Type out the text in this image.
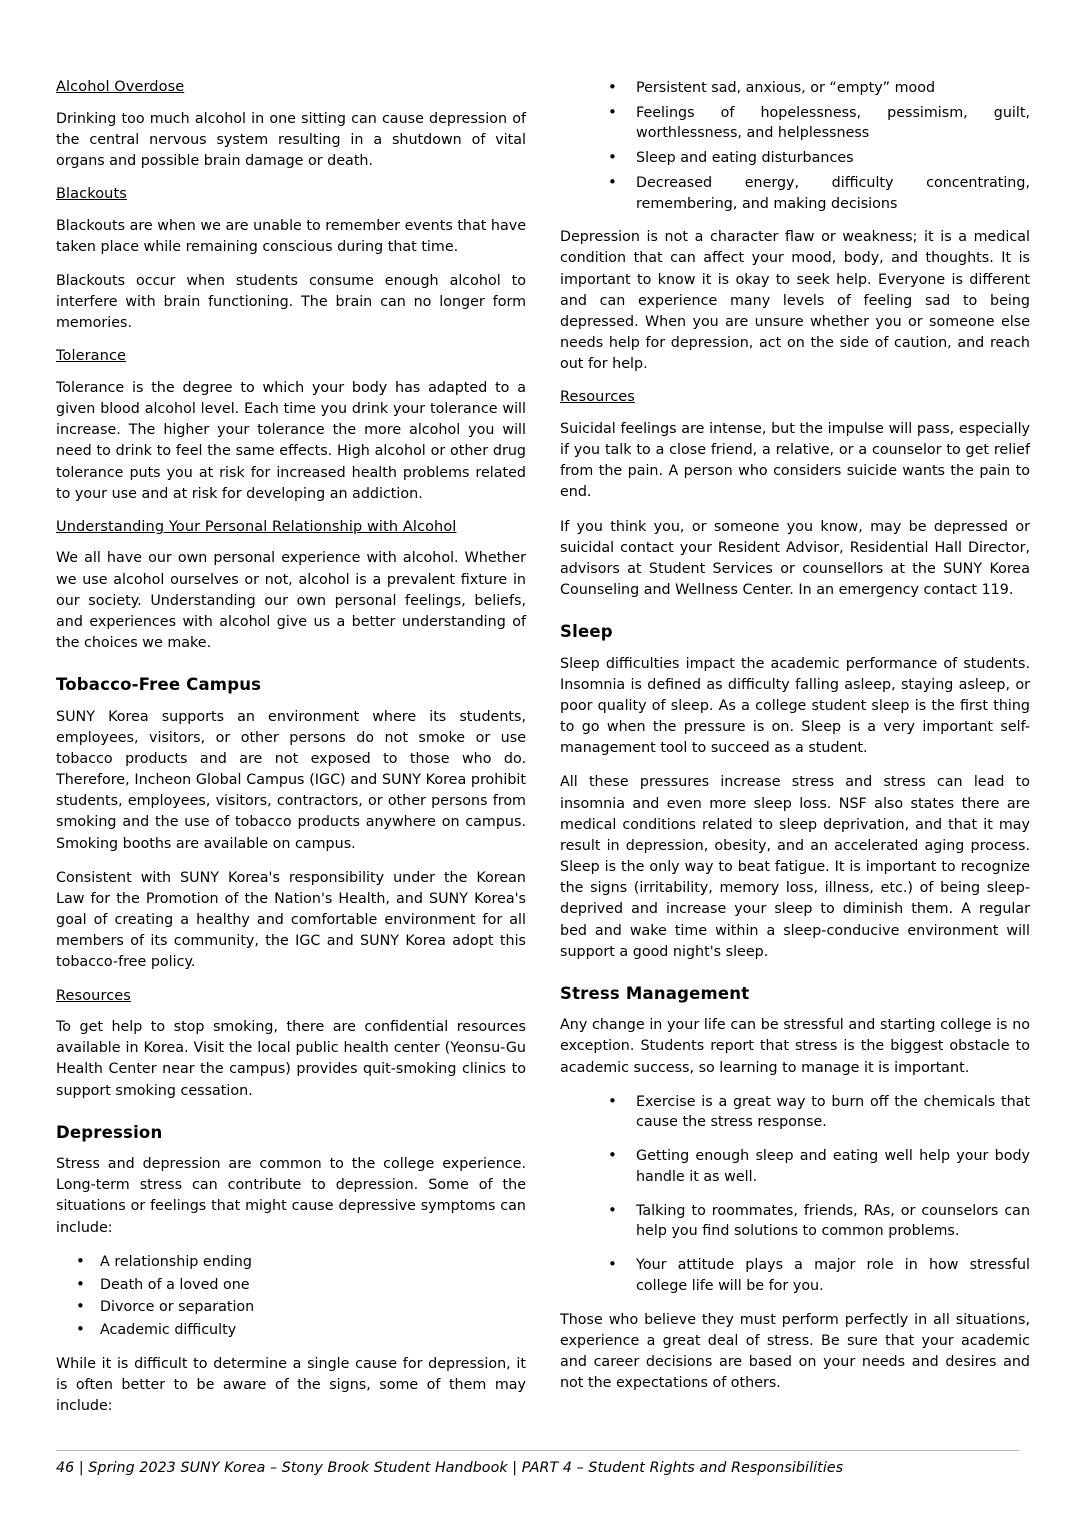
Alcohol Overdose

Drinking too much alcohol in one sitting can cause depression of the central nervous system resulting in a shutdown of vital organs and possible brain damage or death.

Blackouts

Blackouts are when we are unable to remember events that have taken place while remaining conscious during that time.

Blackouts occur when students consume enough alcohol to interfere with brain functioning. The brain can no longer form memories.

Tolerance

Tolerance is the degree to which your body has adapted to a given blood alcohol level. Each time you drink your tolerance will increase. The higher your tolerance the more alcohol you will need to drink to feel the same effects. High alcohol or other drug tolerance puts you at risk for increased health problems related to your use and at risk for developing an addiction.

Understanding Your Personal Relationship with Alcohol

We all have our own personal experience with alcohol. Whether we use alcohol ourselves or not, alcohol is a prevalent fixture in our society. Understanding our own personal feelings, beliefs, and experiences with alcohol give us a better understanding of the choices we make.

Tobacco-Free Campus

SUNY Korea supports an environment where its students, employees, visitors, or other persons do not smoke or use tobacco products and are not exposed to those who do. Therefore, Incheon Global Campus (IGC) and SUNY Korea prohibit students, employees, visitors, contractors, or other persons from smoking and the use of tobacco products anywhere on campus. Smoking booths are available on campus.

Consistent with SUNY Korea's responsibility under the Korean Law for the Promotion of the Nation's Health, and SUNY Korea's goal of creating a healthy and comfortable environment for all members of its community, the IGC and SUNY Korea adopt this tobacco-free policy.

Resources

To get help to stop smoking, there are confidential resources available in Korea. Visit the local public health center (Yeonsu-Gu Health Center near the campus) provides quit-smoking clinics to support smoking cessation.

Depression

Stress and depression are common to the college experience. Long-term stress can contribute to depression. Some of the situations or feelings that might cause depressive symptoms can include:

• A relationship ending
• Death of a loved one
• Divorce or separation
• Academic difficulty

While it is difficult to determine a single cause for depression, it is often better to be aware of the signs, some of them may include:

• Persistent sad, anxious, or “empty” mood
• Feelings of hopelessness, pessimism, guilt, worthlessness, and helplessness
• Sleep and eating disturbances
• Decreased energy, difficulty concentrating, remembering, and making decisions

Depression is not a character flaw or weakness; it is a medical condition that can affect your mood, body, and thoughts. It is important to know it is okay to seek help. Everyone is different and can experience many levels of feeling sad to being depressed. When you are unsure whether you or someone else needs help for depression, act on the side of caution, and reach out for help.

Resources

Suicidal feelings are intense, but the impulse will pass, especially if you talk to a close friend, a relative, or a counselor to get relief from the pain. A person who considers suicide wants the pain to end.

If you think you, or someone you know, may be depressed or suicidal contact your Resident Advisor, Residential Hall Director, advisors at Student Services or counsellors at the SUNY Korea Counseling and Wellness Center. In an emergency contact 119.

Sleep

Sleep difficulties impact the academic performance of students. Insomnia is defined as difficulty falling asleep, staying asleep, or poor quality of sleep. As a college student sleep is the first thing to go when the pressure is on. Sleep is a very important self- management tool to succeed as a student.

All these pressures increase stress and stress can lead to insomnia and even more sleep loss. NSF also states there are medical conditions related to sleep deprivation, and that it may result in depression, obesity, and an accelerated aging process. Sleep is the only way to beat fatigue. It is important to recognize the signs (irritability, memory loss, illness, etc.) of being sleep-deprived and increase your sleep to diminish them. A regular bed and wake time within a sleep-conducive environment will support a good night's sleep.

Stress Management

Any change in your life can be stressful and starting college is no exception. Students report that stress is the biggest obstacle to academic success, so learning to manage it is important.

• Exercise is a great way to burn off the chemicals that cause the stress response.
• Getting enough sleep and eating well help your body handle it as well.
• Talking to roommates, friends, RAs, or counselors can help you find solutions to common problems.
• Your attitude plays a major role in how stressful college life will be for you.

Those who believe they must perform perfectly in all situations, experience a great deal of stress. Be sure that your academic and career decisions are based on your needs and desires and not the expectations of others.

46 | Spring 2023 SUNY Korea – Stony Brook Student Handbook | PART 4 – Student Rights and Responsibilities
